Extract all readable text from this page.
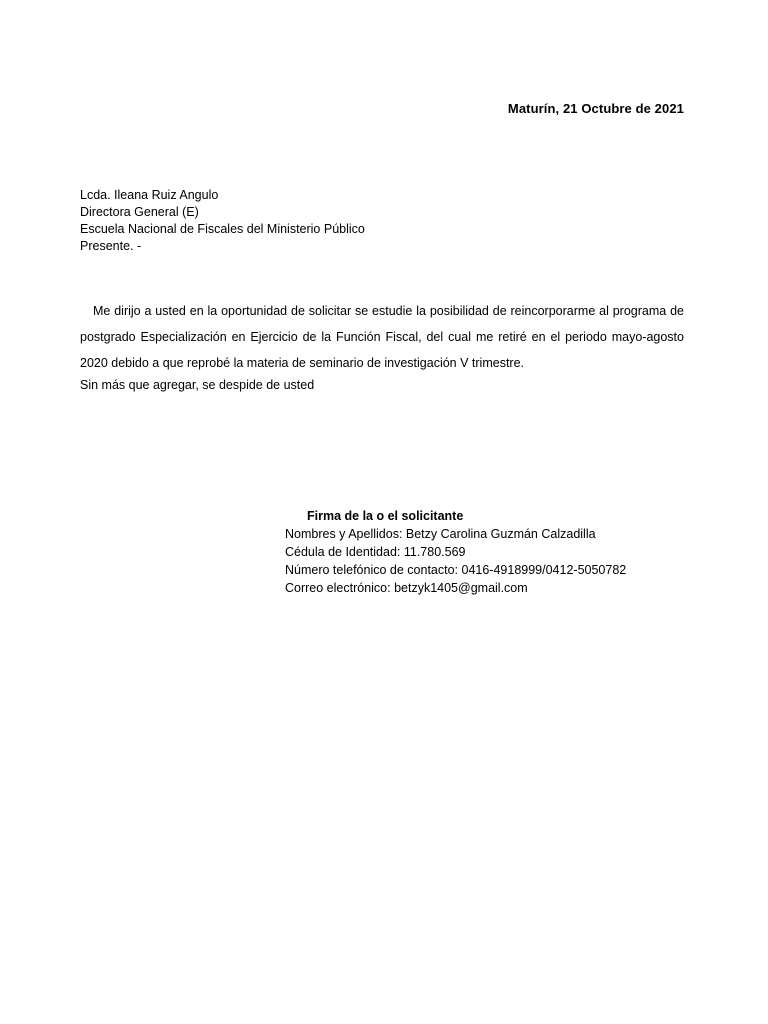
Maturín, 21 Octubre de 2021
Lcda. Ileana Ruiz Angulo
Directora General (E)
Escuela Nacional de Fiscales del Ministerio Público
Presente. -
Me dirijo a usted en la oportunidad de solicitar se estudie la posibilidad de reincorporarme al programa de postgrado Especialización en Ejercicio de la Función Fiscal, del cual me retiré en el periodo mayo-agosto 2020 debido a que reprobé la materia de seminario de investigación V trimestre.
Sin más que agregar, se despide de usted
Firma de la o el solicitante
Nombres y Apellidos: Betzy Carolina Guzmán Calzadilla
Cédula de Identidad: 11.780.569
Número telefónico de contacto: 0416-4918999/0412-5050782
Correo electrónico: betzyk1405@gmail.com
